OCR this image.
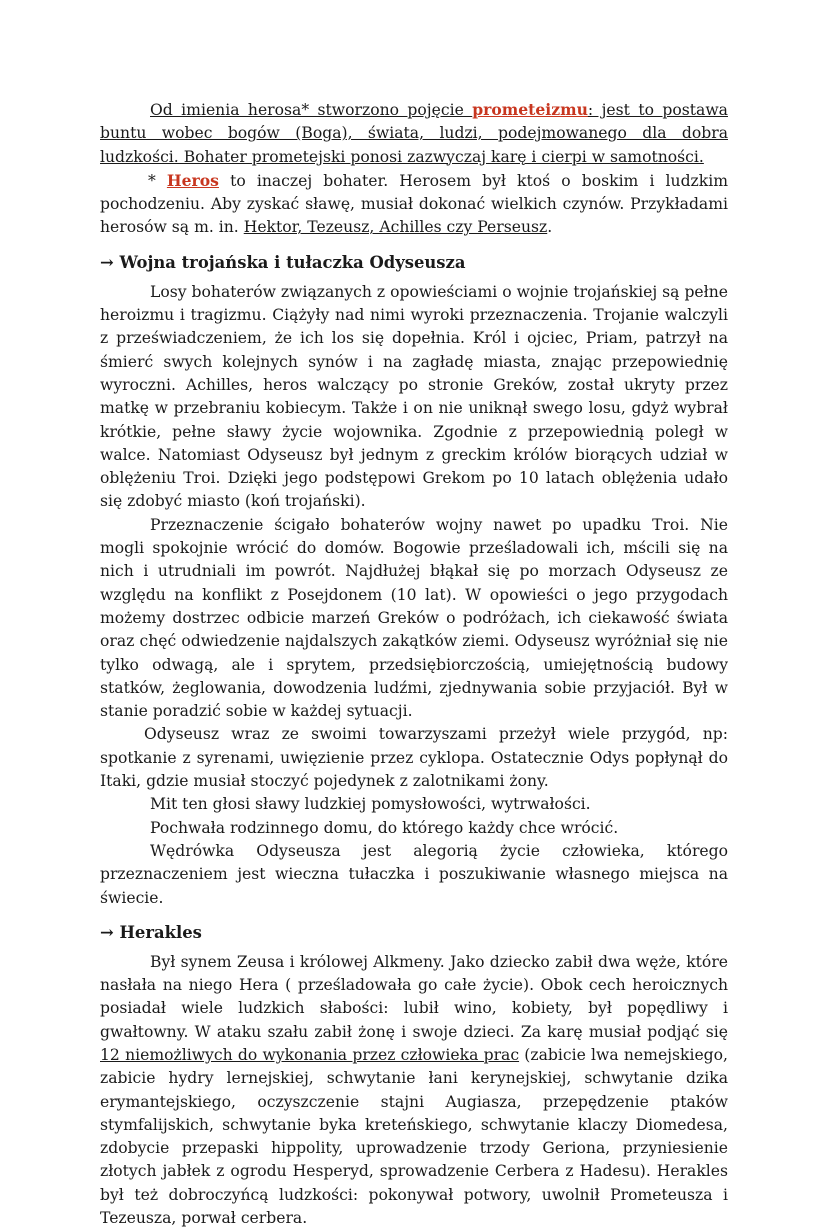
Od imienia herosa* stworzono pojęcie prometeizmu: jest to postawa buntu wobec bogów (Boga), świata, ludzi, podejmowanego dla dobra ludzkości. Bohater prometejski ponosi zazwyczaj karę i cierpi w samotności.

* Heros to inaczej bohater. Herosem był ktoś o boskim i ludzkim pochodzeniu. Aby zyskać sławę, musiał dokonać wielkich czynów. Przykładami herosów są m. in. Hektor, Tezeusz, Achilles czy Perseusz.

→ Wojna trojańska i tułaczka Odyseusza

Losy bohaterów związanych z opowieściami o wojnie trojańskiej są pełne heroizmu i tragizmu. Ciążyły nad nimi wyroki przeznaczenia. Trojanie walczyli z przeświadczeniem, że ich los się dopełnia. Król i ojciec, Priam, patrzył na śmierć swych kolejnych synów i na zagładę miasta, znając przepowiednię wyroczni. Achilles, heros walczący po stronie Greków, został ukryty przez matkę w przebraniu kobiecym. Także i on nie uniknął swego losu, gdyż wybrał krótkie, pełne sławy życie wojownika. Zgodnie z przepowiednią poległ w walce. Natomiast Odyseusz był jednym z greckim królów biorących udział w oblężeniu Troi. Dzięki jego podstępowi Grekom po 10 latach oblężenia udało się zdobyć miasto (koń trojański).

Przeznaczenie ścigało bohaterów wojny nawet po upadku Troi. Nie mogli spokojnie wrócić do domów. Bogowie prześladowali ich, mścili się na nich i utrudniali im powrót. Najdłużej błąkał się po morzach Odyseusz ze względu na konflikt z Posejdonem (10 lat). W opowieści o jego przygodach możemy dostrzec odbicie marzeń Greków o podróżach, ich ciekawość świata oraz chęć odwiedzenie najdalszych zakątków ziemi. Odyseusz wyróżniał się nie tylko odwagą, ale i sprytem, przedsiębiorczością, umiejętnością budowy statków, żeglowania, dowodzenia ludźmi, zjednywania sobie przyjaciół. Był w stanie poradzić sobie w każdej sytuacji.

Odyseusz wraz ze swoimi towarzyszami przeżył wiele przygód, np: spotkanie z syrenami, uwięzienie przez cyklopa. Ostatecznie Odys popłynął do Itaki, gdzie musiał stoczyć pojedynek z zalotnikami żony.

Mit ten głosi sławy ludzkiej pomysłowości, wytrwałości.

Pochwała rodzinnego domu, do którego każdy chce wrócić.

Wędrówka Odyseusza jest alegorią życie człowieka, którego przeznaczeniem jest wieczna tułaczka i poszukiwanie własnego miejsca na świecie.

→ Herakles

Był synem Zeusa i królowej Alkmeny. Jako dziecko zabił dwa węże, które nasłała na niego Hera ( prześladowała go całe życie). Obok cech heroicznych posiadał wiele ludzkich słabości: lubił wino, kobiety, był popędliwy i gwałtowny. W ataku szału zabił żonę i swoje dzieci. Za karę musiał podjąć się 12 niemożliwych do wykonania przez człowieka prac (zabicie lwa nemejskiego, zabicie hydry lernejskiej, schwytanie łani kerynejskiej, schwytanie dzika erymantejskiego, oczyszczenie stajni Augiasza, przepędzenie ptaków stymfalijskich, schwytanie byka kreteńskiego, schwytanie klaczy Diomedesa, zdobycie przepaski hippolity, uprowadzenie trzody Geriona, przyniesienie złotych jabłek z ogrodu Hesperyd, sprowadzenie Cerbera z Hadesu). Herakles był też dobroczyńcą ludzkości: pokonywał potwory, uwolnił Prometeusza i Tezeusza, porwał cerbera.
